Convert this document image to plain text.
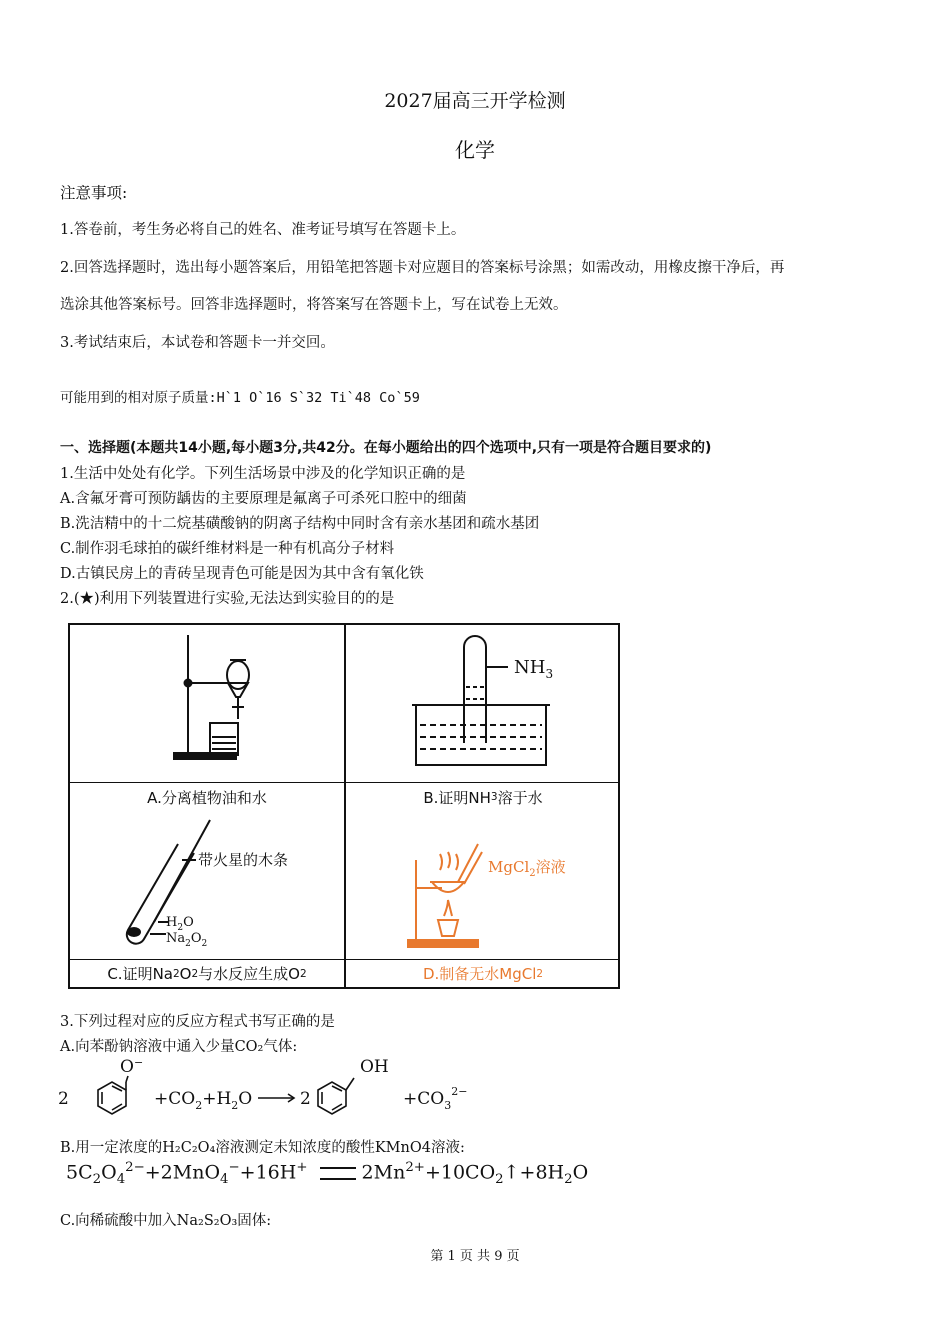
2027届高三开学检测
化学
注意事项:
1.答卷前，考生务必将自己的姓名、准考证号填写在答题卡上。
2.回答选择题时，选出每小题答案后，用铅笔把答题卡对应题目的答案标号涂黑；如需改动，用橡皮擦干净后，再
选涂其他答案标号。回答非选择题时，将答案写在答题卡上，写在试卷上无效。
3.考试结束后，本试卷和答题卡一并交回。
可能用到的相对原子质量:H`1 O`16 S`32 Ti`48 Co`59
一、选择题(本题共14小题,每小题3分,共42分。在每小题给出的四个选项中,只有一项是符合题目要求的)
1.生活中处处有化学。下列生活场景中涉及的化学知识正确的是
A.含氟牙膏可预防龋齿的主要原理是氟离子可杀死口腔中的细菌
B.洗洁精中的十二烷基磺酸钠的阴离子结构中同时含有亲水基团和疏水基团
C.制作羽毛球拍的碳纤维材料是一种有机高分子材料
D.古镇民房上的青砖呈现青色可能是因为其中含有氧化铁
2.(★)利用下列装置进行实验,无法达到实验目的的是
A.分离植物油和水
$NH_3$
B.证明NH 3 溶于水
带火星的木条
$H_2O$
$Na_2O_2$
C.证明Na 2 O 2 与水反应生成O 2
MgCl$_2$溶液
D.制备无水MgCl 2
3.下列过程对应的反应方程式书写正确的是
A.向苯酚钠溶液中通入少量CO₂气体:
2
O−
$+CO_2+H_2O$	2
OH
$+CO_3^{2-}$
B.用一定浓度的H₂C₂O₄溶液测定未知浓度的酸性KMnO4溶液:
$5C_2O_4^{2-}+2MnO_4^-+16H^+$	$2Mn^{2+}+10CO_2↑+8H_2O$
C.向稀硫酸中加入Na₂S₂O₃固体:
第 1 页 共 9 页
